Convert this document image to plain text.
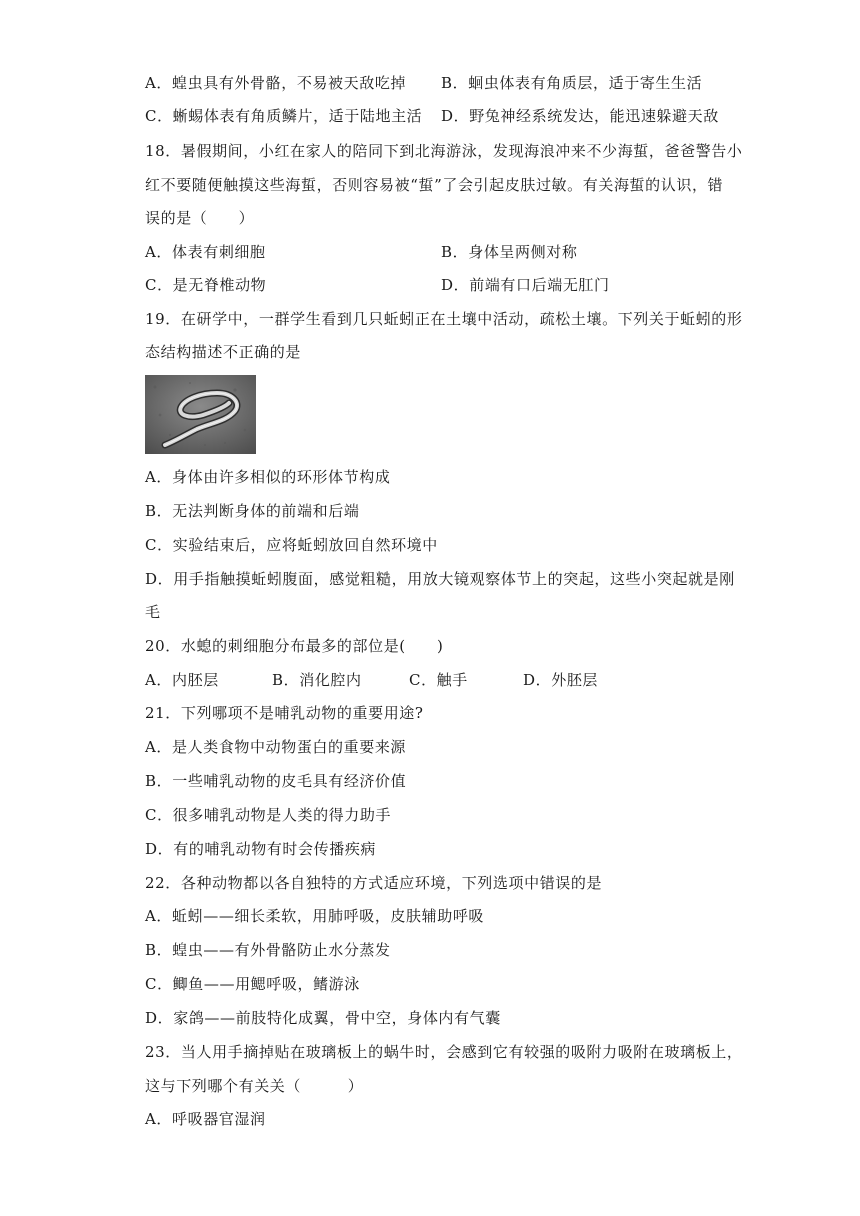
A．蝗虫具有外骨骼，不易被天敌吃掉 B．蛔虫体表有角质层，适于寄生生活
C．蜥蜴体表有角质鳞片，适于陆地主活 D．野兔神经系统发达，能迅速躲避天敌
18．暑假期间，小红在家人的陪同下到北海游泳，发现海浪冲来不少海蜇，爸爸警告小
红不要随便触摸这些海蜇，否则容易被“蜇”了会引起皮肤过敏。有关海蜇的认识，错
误的是（　　）
A．体表有刺细胞	B．身体呈两侧对称
C．是无脊椎动物	D．前端有口后端无肛门
19．在研学中，一群学生看到几只蚯蚓正在土壤中活动，疏松土壤。下列关于蚯蚓的形
态结构描述不正确的是
A．身体由许多相似的环形体节构成
B．无法判断身体的前端和后端
C．实验结束后，应将蚯蚓放回自然环境中
D．用手指触摸蚯蚓腹面，感觉粗糙，用放大镜观察体节上的突起，这些小突起就是刚
毛
20．水螅的刺细胞分布最多的部位是(　　)
A．内胚层	B．消化腔内	C．触手	D．外胚层
21．下列哪项不是哺乳动物的重要用途?
A．是人类食物中动物蛋白的重要来源
B．一些哺乳动物的皮毛具有经济价值
C．很多哺乳动物是人类的得力助手
D．有的哺乳动物有时会传播疾病
22．各种动物都以各自独特的方式适应环境，下列选项中错误的是
A．蚯蚓——细长柔软，用肺呼吸，皮肤辅助呼吸
B．蝗虫——有外骨骼防止水分蒸发
C．鲫鱼——用鳃呼吸，鳍游泳
D．家鸽——前肢特化成翼，骨中空，身体内有气囊
23．当人用手摘掉贴在玻璃板上的蜗牛时，会感到它有较强的吸附力吸附在玻璃板上，
这与下列哪个有关关（　　　）
A．呼吸器官湿润
